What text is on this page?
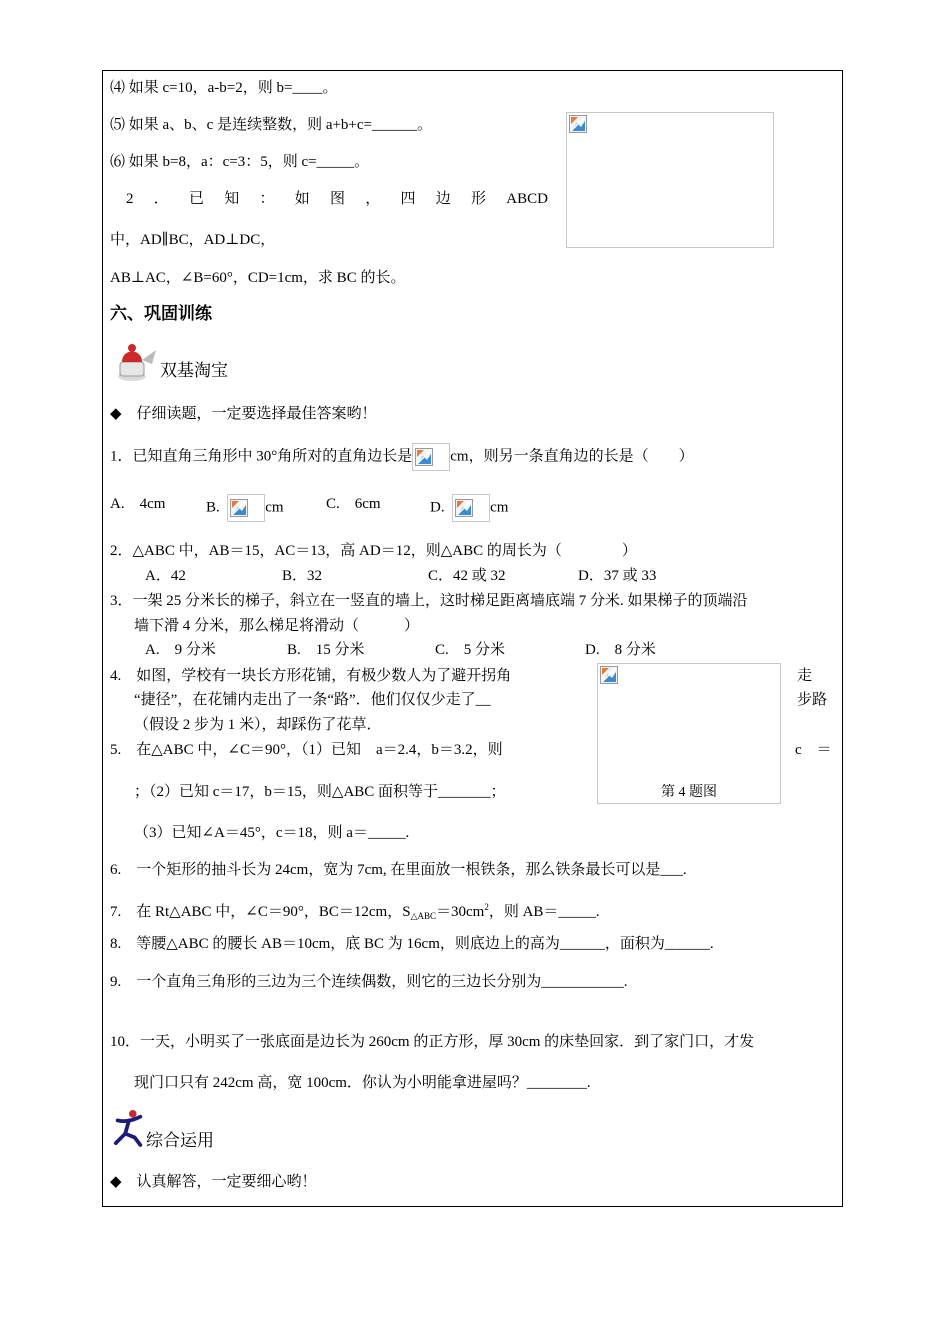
⑷ 如果 c=10，a-b=2，则 b=____。
⑸ 如果 a、b、c 是连续整数，则 a+b+c=______。
⑹ 如果 b=8，a：c=3：5，则 c=_____。
2 ． 已 知 ： 如 图 ， 四 边 形 ABCD
中，AD∥BC，AD⊥DC，
AB⊥AC，∠B=60°，CD=1cm，求 BC 的长。
六、巩固训练
双基淘宝
◆　仔细读题，一定要选择最佳答案哟！
1．已知直角三角形中 30°角所对的直角边长是	cm，则另一条直角边的长是（　　）
A.　4cm	B.	cm	C.　6cm	D.	cm
2．△ABC 中，AB＝15，AC＝13，高 AD＝12，则△ABC 的周长为（　　　　）
A．42	B．32	C．42 或 32	D．37 或 33
3．一架 25 分米长的梯子，斜立在一竖直的墙上，这时梯足距离墙底端 7 分米. 如果梯子的顶端沿
墙下滑 4 分米，那么梯足将滑动（　　　）
A.　9 分米	B.　15 分米	C.　5 分米	D.　8 分米
第 4 题图
4.　如图，学校有一块长方形花铺，有极少数人为了避开拐角	走
“捷径”，在花铺内走出了一条“路”．他们仅仅少走了__	步路
（假设 2 步为 1 米），却踩伤了花草．
5.　在△ABC 中，∠C＝90°，（1）已知　a＝2.4，b＝3.2，则	c　＝
；（2）已知 c＝17，b＝15，则△ABC 面积等于_______；
（3）已知∠A＝45°，c＝18，则 a＝_____.
6.　一个矩形的抽斗长为 24cm，宽为 7cm, 在里面放一根铁条，那么铁条最长可以是___.
7.　在 Rt△ABC 中，∠C＝90°，BC＝12cm，$S_{\triangle ABC}=30cm^2$，则 AB＝_____.
8.　等腰△ABC 的腰长 AB＝10cm，底 BC 为 16cm，则底边上的高为______，面积为______.
9.　一个直角三角形的三边为三个连续偶数，则它的三边长分别为___________.
10．一天，小明买了一张底面是边长为 260cm 的正方形，厚 30cm 的床垫回家．到了家门口，才发
现门口只有 242cm 高，宽 100cm．你认为小明能拿进屋吗？________.
综合运用
◆　认真解答，一定要细心哟！
